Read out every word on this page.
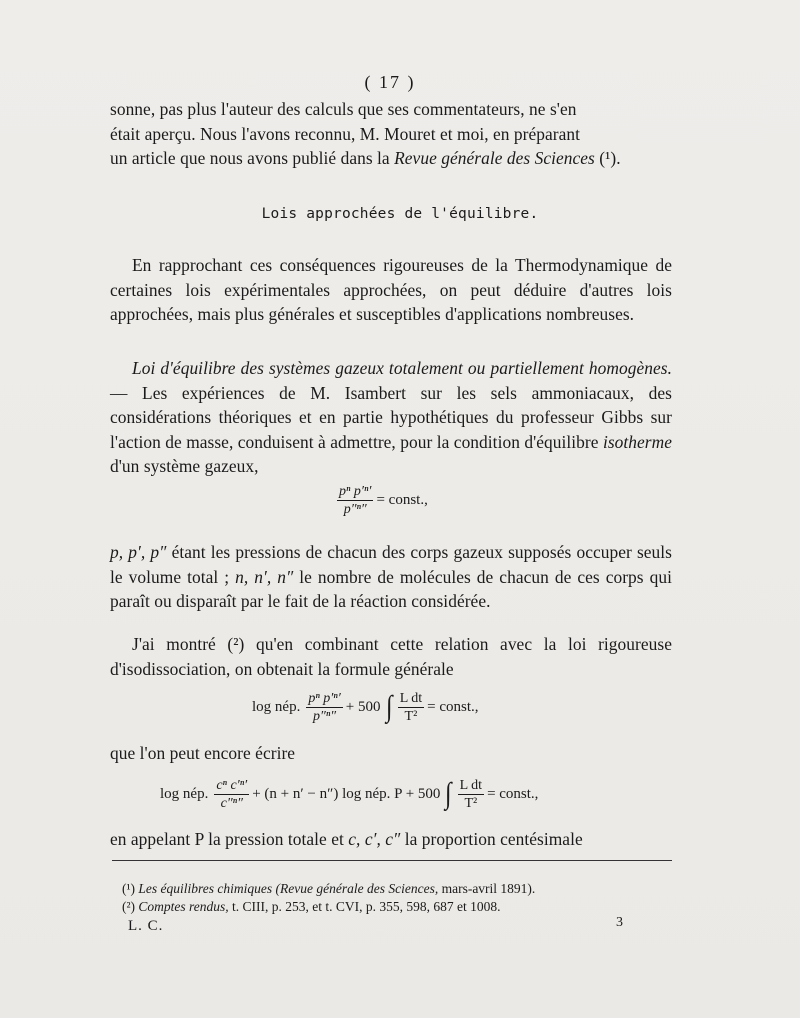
( 17 )
sonne, pas plus l'auteur des calculs que ses commentateurs, ne s'en
était aperçu. Nous l'avons reconnu, M. Mouret et moi, en préparant
un article que nous avons publié dans la Revue générale des Sciences (¹).
Lois approchées de l'équilibre.
En rapprochant ces conséquences rigoureuses de la Thermodynamique de certaines lois expérimentales approchées, on peut déduire d'autres lois approchées, mais plus générales et susceptibles d'applications nombreuses.
Loi d'équilibre des systèmes gazeux totalement ou partiellement homogènes. — Les expériences de M. Isambert sur les sels ammoniacaux, des considérations théoriques et en partie hypothétiques du professeur Gibbs sur l'action de masse, conduisent à admettre, pour la condition d'équilibre isotherme d'un système gazeux,
$\frac{\text{pⁿ p′ⁿ′}}{\text{p″ⁿ″}}$ = const.,
p, p′, p″ étant les pressions de chacun des corps gazeux supposés occuper seuls le volume total ; n, n′, n″ le nombre de molécules de chacun de ces corps qui paraît ou disparaît par le fait de la réaction considérée.
J'ai montré (²) qu'en combinant cette relation avec la loi rigoureuse d'isodissociation, on obtenait la formule générale
log nép. $\frac{\text{pⁿ p′ⁿ′}}{\text{p″ⁿ″}} + 500$ ∫ $\frac{\text{L dt}}{\text{T²}}$ = const.,
que l'on peut encore écrire
log nép. $\frac{\text{cⁿ c′ⁿ′}}{\text{c″ⁿ″}} + (n + n' - n'')$ log nép. P + 500 ∫ $\frac{\text{L dt}}{\text{T²}}$ = const.,
en appelant P la pression totale et c, c′, c″ la proportion centésimale
(¹) Les équilibres chimiques (Revue générale des Sciences, mars-avril 1891).
(²) Comptes rendus, t. CIII, p. 253, et t. CVI, p. 355, 598, 687 et 1008.
L. C.	3
